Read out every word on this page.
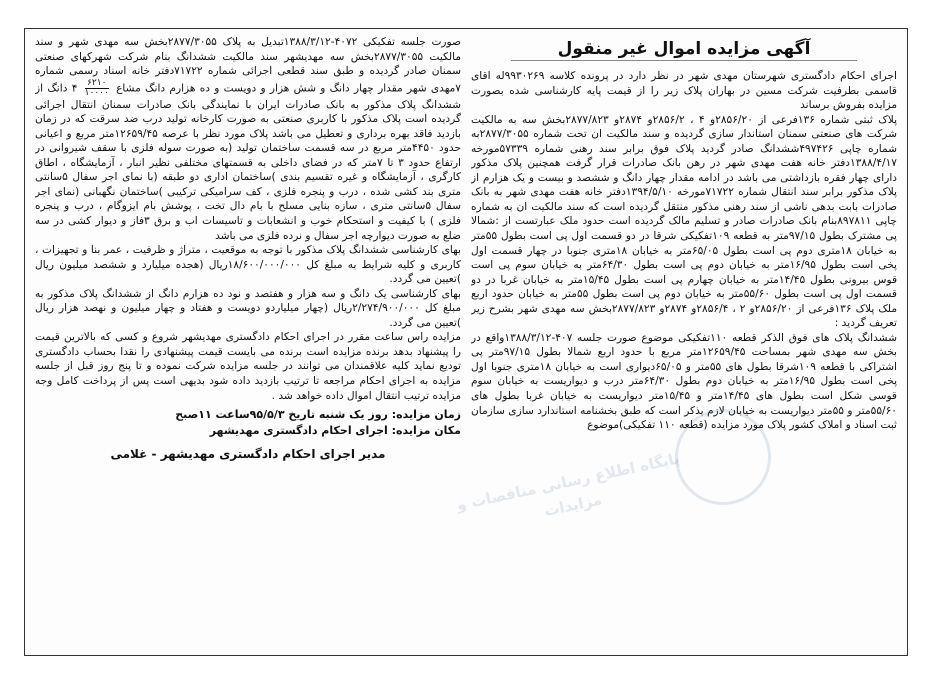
آگهی مزایده اموال غیر منقول

اجرای احکام دادگستری شهرستان مهدی شهر در نظر دارد در پرونده کلاسه ۹۹۳۰۲۶۹له اقای قاسمی بطرفیت شرکت مسین در بهاران پلاک زیر را از قیمت پایه کارشناسی شده بصورت مزایده بفروش برساند

پلاک ثبتی شماره ۱۳۶فرعی از ۲۸۵۶/۲۰و ۴ ، ۲۸۵۶/۲و ۲۸۷۴و ۲۸۷۷/۸۲۳بخش سه به مالکیت شرکت های صنعتی سمنان استاندار سازی گردیده و سند مالکیت ان تحت شماره ۲۸۷۷/۳۰۵۵به شماره چاپی ۴۹۷۴۲۶ششدانگ صادر گردید پلاک فوق برابر سند رهنی شماره ۵۷۳۳۹مورخه ۱۳۸۸/۴/۱۷دفتر خانه هفت مهدی شهر در رهن بانک صادرات قرار گرفت همچنین پلاک مذکور دارای چهار فقره بازداشتی می باشد در ادامه مقدار چهار دانگ و ششصد و بیست و یک هزارم از پلاک مذکور برابر سند انتقال شماره ۷۱۷۲۲مورخه ۱۳۹۴/۵/۱۰دفتر خانه هفت مهدی شهر به بانک صادرات بابت بدهی ناشی از سند رهنی مذکور منتقل گردیده است که سند مالکیت ان به شماره چاپی ۸۹۷۸۱۱بنام بانک صادرات صادر و تسلیم مالک گردیده است حدود ملک عبارتست از :شمالا پی مشترک بطول ۹۷/۱۵متر به قطعه ۱۰۹تفکیکی شرقا در دو قسمت اول پی است بطول ۵۵متر به خیابان ۱۸متری دوم پی است بطول ۶۵/۰۵متر به خیابان ۱۸متری جنوبا در چهار قسمت اول پخی است بطول ۱۶/۹۵متر به خیابان دوم پی است بطول ۶۴/۳۰متر به خیابان سوم پی است قوس بیرونی بطول ۱۴/۴۵متر به خیابان چهارم پی است بطول ۱۵/۴۵متر به خیابان غربا در دو قسمت اول پی است بطول ۵۵/۶۰متر به خیابان دوم پی است بطول ۵۵متر به خیابان حدود اربع ملک پلاک ۱۳۶فرعی از ۲۸۵۶/۲۰و ۲ ، ۲۸۵۶/۴و ۲۸۷۴و ۲۸۷۷/۸۲۳بخش سه مهدی شهر بشرح زیر تعریف گردید :

ششدانگ پلاک های فوق الذکر قطعه ۱۱۰تفکیکی موضوع صورت جلسه ۴۰۷-۱۳۸۸/۳/۱۲واقع در بخش سه مهدی شهر بمساحت ۱۲۶۵۹/۴۵متر مربع با حدود اربع شمالا بطول ۹۷/۱۵متر پی اشتراکی با قطعه ۱۰۹شرقا بطول های ۵۵متر و ۶۵/۰۵دیواری است به خیابان ۱۸متری جنوبا اول پخی است بطول ۱۶/۹۵متر به خیابان دوم بطول ۶۴/۳۰متر درب و دیواریست به خیابان سوم قوسی شکل است بطول های ۱۴/۴۵متر و ۱۵/۴۵متر دیواریست به خیابان غربا بطول های ۵۵/۶۰متر و ۵۵متر دیواریست به خیابان لازم بذکر است که طبق بخشنامه استاندارد سازی سازمان ثبت اسناد و املاک کشور پلاک مورد مزایده (قطعه ۱۱۰ تفکیکی)موضوع

صورت جلسه تفکیکی ۴۰۷۲-۱۳۸۸/۳/۱۲تبدیل به پلاک ۲۸۷۷/۳۰۵۵بخش سه مهدی شهر و سند مالکیت ۲۸۷۷/۳۰۵۵بخش سه مهدیشهر سند مالکیت ششدانگ بنام شرکت شهرکهای صنعتی سمنان صادر گردیده و طبق سند قطعی اجرائی شماره ۷۱۷۲۲دفتر خانه اسناد رسمی شماره ۷مهدی شهر مقدار چهار دانگ و شش هزار و دویست و ده هزارم دانگ مشاع
$\frac{۶۲۱۰}{۱۰۰۰۰}$
۴ دانگ از ششدانگ پلاک مذکور به بانک صادرات ایران با نمایندگی بانک صادرات سمنان انتقال اجرائی گردیده است پلاک مذکور با کاربری صنعتی به صورت کارخانه تولید درب ضد سرقت که در زمان بازدید فاقد بهره برداری و تعطیل می باشد پلاک مورد نظر با عرصه ۱۲۶۵۹/۴۵متر مربع و اعیانی حدود ۴۴۵۰متر مربع در سه قسمت ساختمان تولید (به صورت سوله فلزی با سقف شیروانی در ارتفاع حدود ۳ تا ۷متر که در فضای داخلی به قسمتهای مختلفی نظیر انبار ، آزمایشگاه ، اطاق کارگری ، آزمایشگاه و غیره تقسیم بندی )ساختمان اداری دو طبقه (با نمای اجر سفال ۵سانتی متری بند کشی شده ، درب و پنجره فلزی ، کف سرامیکی ترکیبی )ساختمان نگهبانی (نمای اجر سفال ۵سانتی متری ، سازه بنایی مسلح با بام دال تخت ، پوشش بام ایزوگام ، درب و پنجره فلزی ) با کیفیت و استحکام خوب و انشعابات و تاسیسات اب و برق ۳فاز و دیوار کشی در سه ضلع به صورت دیوارچه اجر سفال و نرده فلزی می باشد

بهای کارشناسی ششدانگ پلاک مذکور با توجه به موقعیت ، متراژ و ظرفیت ، عمر بنا و تجهیزات ، کاربری و کلیه شرایط به مبلغ کل ۱۸/۶۰۰/۰۰۰/۰۰۰ریال (هجده میلیارد و ششصد میلیون ریال )تعیین می گردد.

بهای کارشناسی یک دانگ و سه هزار و هفتصد و نود ده هزارم دانگ از ششدانگ پلاک مذکور به مبلغ کل ۲/۲۷۴/۹۰۰/۰۰۰ریال (چهار میلیاردو دویست و هفتاد و چهار میلیون و نهصد هزار ریال )تعیین می گردد.

مزایده راس ساعت مقرر در اجرای احکام دادگستری مهدیشهر شروع و کسی که بالاترین قیمت را پیشنهاد بدهد برنده مزایده است برنده می بایست قیمت پیشنهادی را نقدا بحساب دادگستری تودیع نماید کلیه علاقمندان می توانند در جلسه مزایده شرکت نموده و تا پنج روز قبل از جلسه مزایده به اجرای احکام مراجعه تا ترتیب بازدید داده شود بدیهی است پس از پرداخت کامل وجه مزایده ترتیب انتقال اموال داده خواهد شد .

زمان مزایده: روز یک شنبه تاریخ ۹۵/۵/۳ساعت ۱۱صبح
مکان مزایده: اجرای احکام دادگستری مهدیشهر
مدیر اجرای احکام دادگستری مهدیشهر - غلامی	پایگاه اطلاع رسانی مناقصات و مزایدات
